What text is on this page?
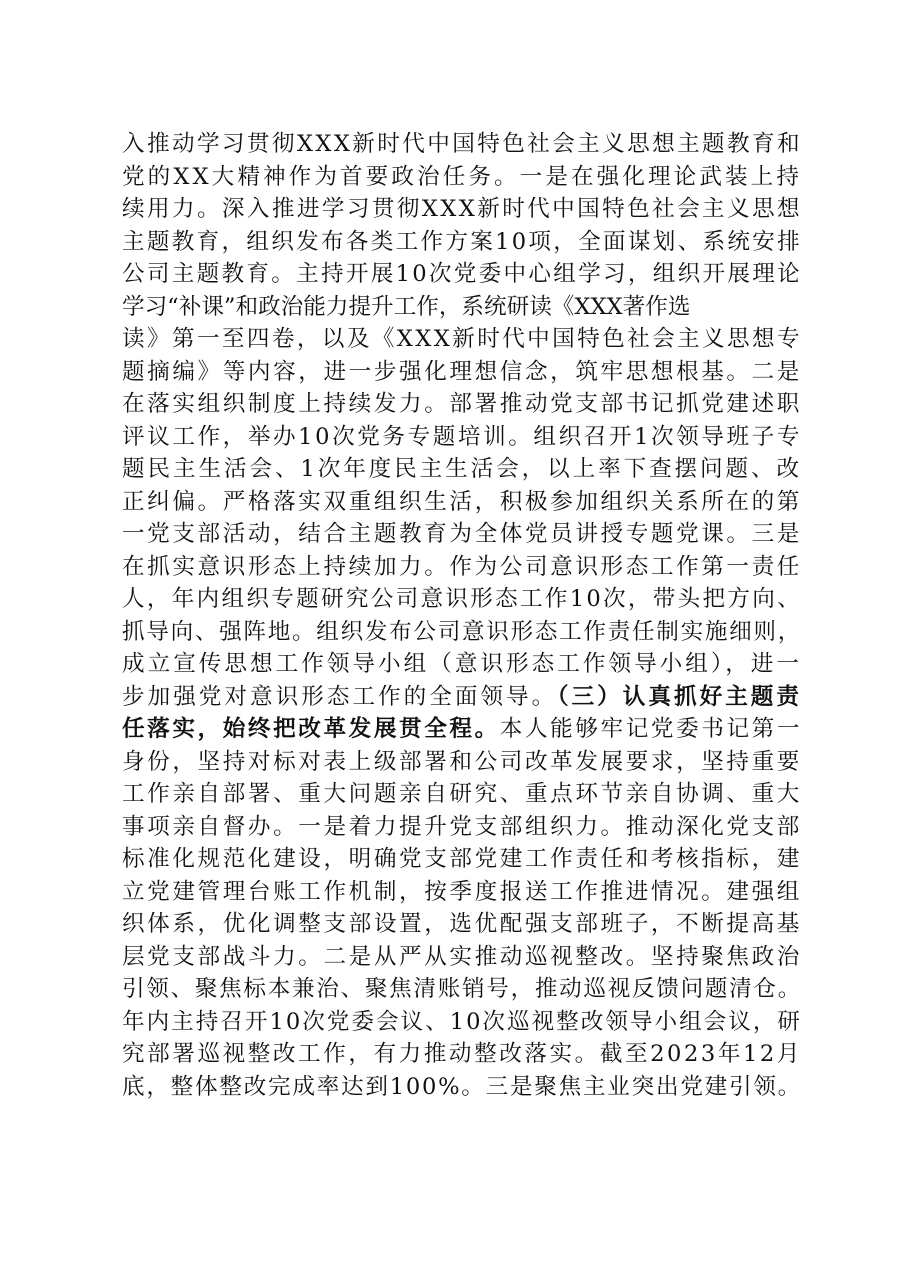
入推动学习贯彻XXX新时代中国特色社会主义思想主题教育和
党的XX大精神作为首要政治任务。一是在强化理论武装上持
续用力。深入推进学习贯彻XXX新时代中国特色社会主义思想
主题教育，组织发布各类工作方案10项，全面谋划、系统安排
公司主题教育。主持开展10次党委中心组学习，组织开展理论
学习“补课”和政治能力提升工作，系统研读《XXX著作选
读》第一至四卷，以及《XXX新时代中国特色社会主义思想专
题摘编》等内容，进一步强化理想信念，筑牢思想根基。二是
在落实组织制度上持续发力。部署推动党支部书记抓党建述职
评议工作，举办10次党务专题培训。组织召开1次领导班子专
题民主生活会、1次年度民主生活会，以上率下查摆问题、改
正纠偏。严格落实双重组织生活，积极参加组织关系所在的第
一党支部活动，结合主题教育为全体党员讲授专题党课。三是
在抓实意识形态上持续加力。作为公司意识形态工作第一责任
人，年内组织专题研究公司意识形态工作10次，带头把方向、
抓导向、强阵地。组织发布公司意识形态工作责任制实施细则，
成立宣传思想工作领导小组（意识形态工作领导小组），进一
步加强党对意识形态工作的全面领导。（三）认真抓好主题责
任落实，始终把改革发展贯全程。本人能够牢记党委书记第一
身份，坚持对标对表上级部署和公司改革发展要求，坚持重要
工作亲自部署、重大问题亲自研究、重点环节亲自协调、重大
事项亲自督办。一是着力提升党支部组织力。推动深化党支部
标准化规范化建设，明确党支部党建工作责任和考核指标，建
立党建管理台账工作机制，按季度报送工作推进情况。建强组
织体系，优化调整支部设置，选优配强支部班子，不断提高基
层党支部战斗力。二是从严从实推动巡视整改。坚持聚焦政治
引领、聚焦标本兼治、聚焦清账销号，推动巡视反馈问题清仓。
年内主持召开10次党委会议、10次巡视整改领导小组会议，研
究部署巡视整改工作，有力推动整改落实。截至2023年12月
底，整体整改完成率达到100%。三是聚焦主业突出党建引领。
